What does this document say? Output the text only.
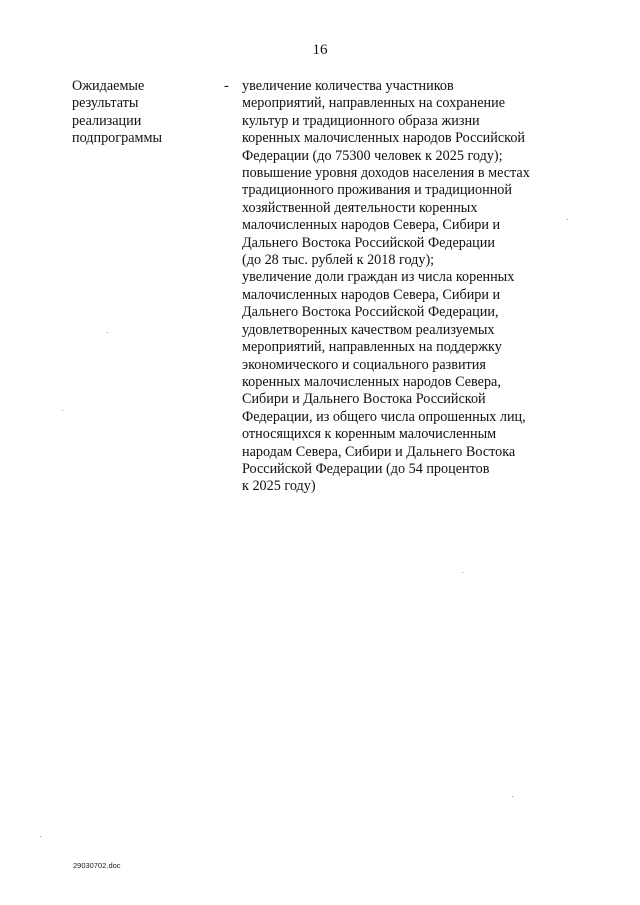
16
Ожидаемые
результаты
реализации
подпрограммы
- увеличение количества участников
мероприятий, направленных на сохранение
культур и традиционного образа жизни
коренных малочисленных народов Российской
Федерации (до 75300 человек к 2025 году);
повышение уровня доходов населения в местах
традиционного проживания и традиционной
хозяйственной деятельности коренных
малочисленных народов Севера, Сибири и
Дальнего Востока Российской Федерации
(до 28 тыс. рублей к 2018 году);
увеличение доли граждан из числа коренных
малочисленных народов Севера, Сибири и
Дальнего Востока Российской Федерации,
удовлетворенных качеством реализуемых
мероприятий, направленных на поддержку
экономического и социального развития
коренных малочисленных народов Севера,
Сибири и Дальнего Востока Российской
Федерации, из общего числа опрошенных лиц,
относящихся к коренным малочисленным
народам Севера, Сибири и Дальнего Востока
Российской Федерации (до 54 процентов
к 2025 году)
29030702.doc
